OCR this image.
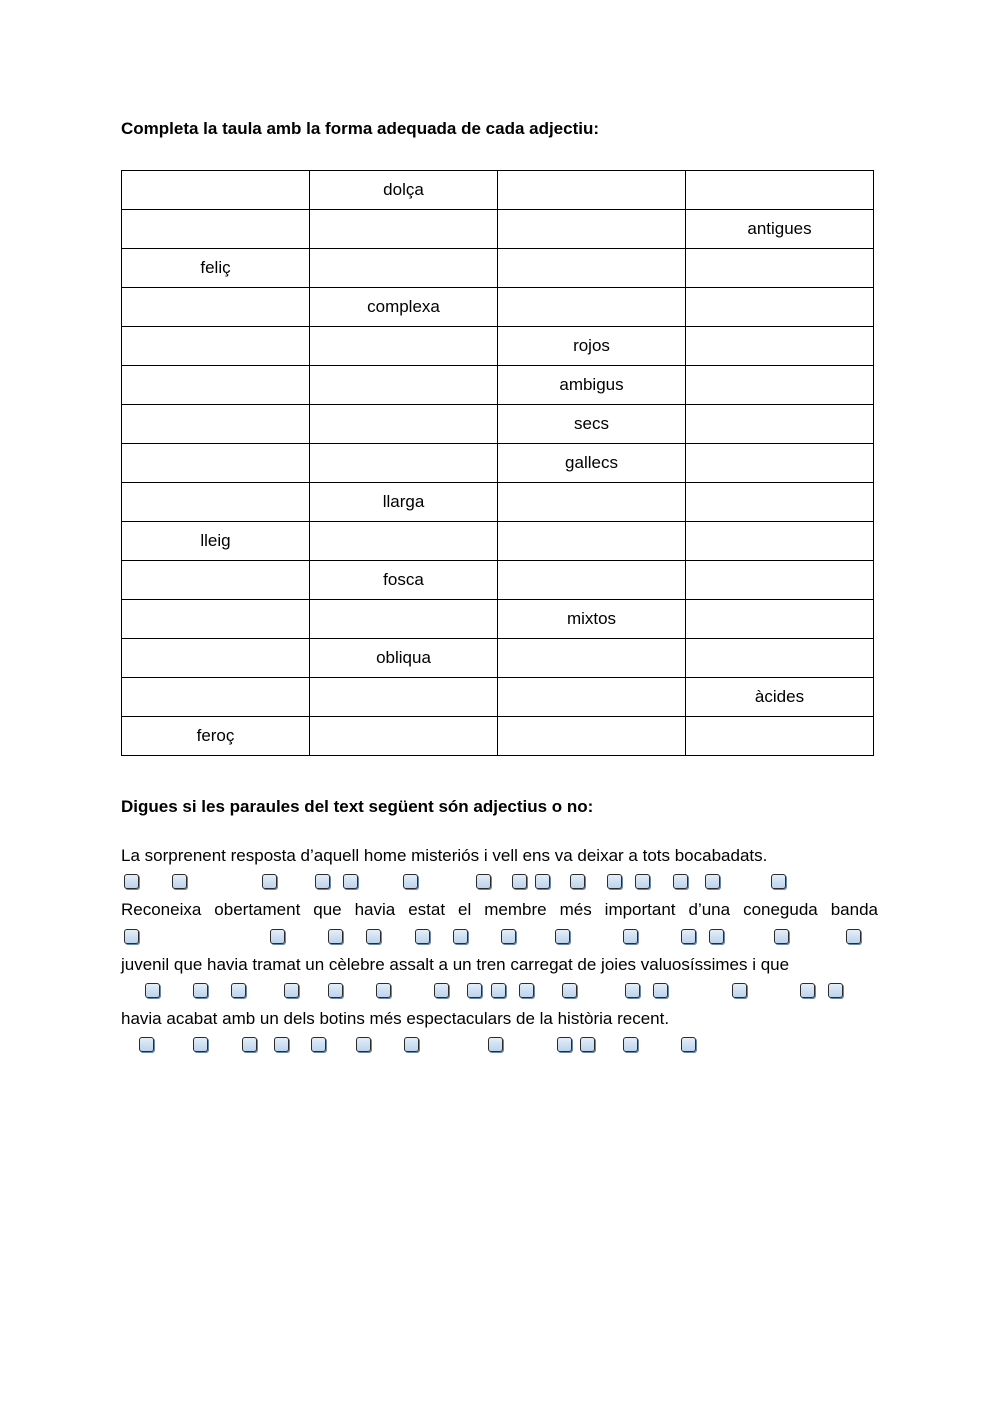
Completa la taula amb la forma adequada de cada adjectiu:
	dolça		
			antigues
feliç			
	complexa		
		rojos	
		ambigus	
		secs	
		gallecs	
	llarga		
lleig			
	fosca		
		mixtos	
	obliqua		
			àcides
feroç			
Digues si les paraules del text següent són adjectius o no:
La sorprenent resposta d’aquell home misteriós i vell ens va deixar a tots bocabadats.
Reconeixa obertament que havia estat el membre més important d’una coneguda banda
juvenil que havia tramat un cèlebre assalt a un tren carregat de joies valuosíssimes i que
havia acabat amb un dels botins més espectaculars de la història recent.
